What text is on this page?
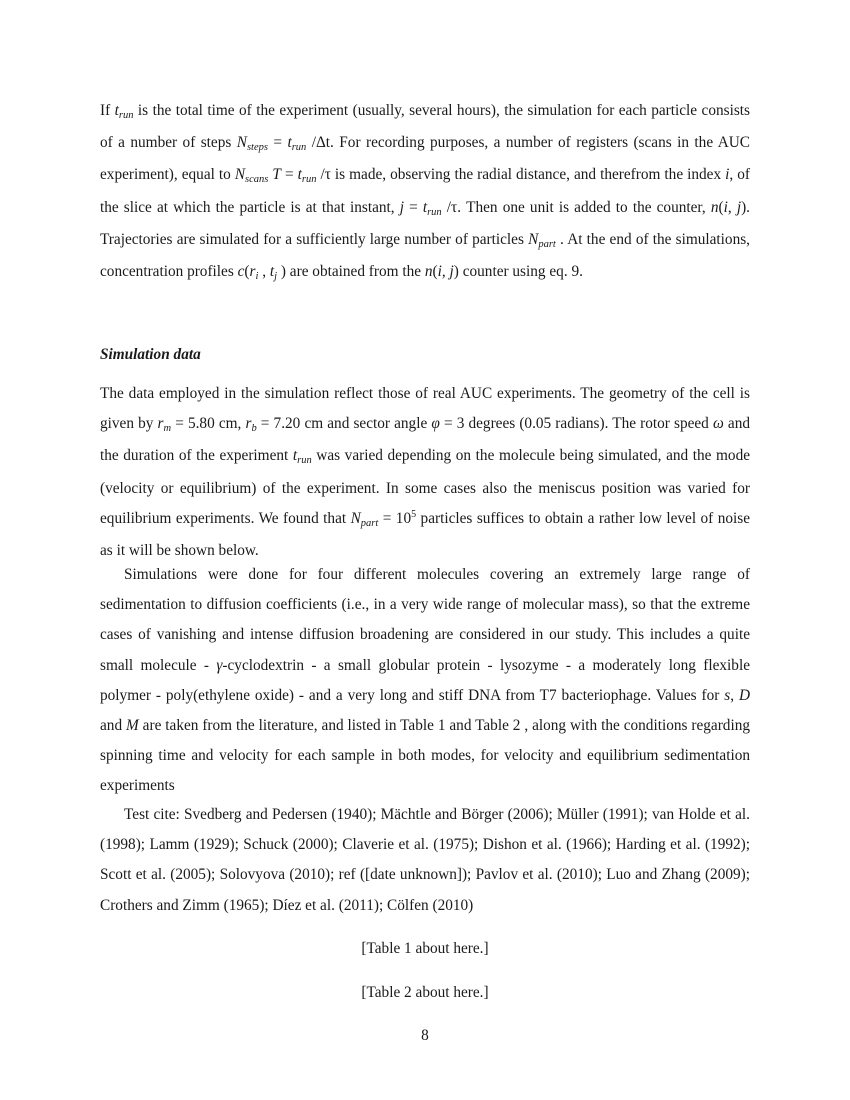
If trun is the total time of the experiment (usually, several hours), the simulation for each particle consists of a number of steps Nsteps = trun /Δt. For recording purposes, a number of registers (scans in the AUC experiment), equal to Nscans T = trun /τ is made, observing the radial distance, and therefrom the index i, of the slice at which the particle is at that instant, j = trun /τ. Then one unit is added to the counter, n(i, j). Trajectories are simulated for a sufficiently large number of particles Npart . At the end of the simulations, concentration profiles c(ri , tj ) are obtained from the n(i, j) counter using eq. 9.

Simulation data

The data employed in the simulation reflect those of real AUC experiments. The geometry of the cell is given by rm = 5.80 cm, rb = 7.20 cm and sector angle φ = 3 degrees (0.05 radians). The rotor speed ω and the duration of the experiment trun was varied depending on the molecule being simulated, and the mode (velocity or equilibrium) of the experiment. In some cases also the meniscus position was varied for equilibrium experiments. We found that Npart = $10^5$ particles suffices to obtain a rather low level of noise as it will be shown below.

Simulations were done for four different molecules covering an extremely large range of sedimentation to diffusion coefficients (i.e., in a very wide range of molecular mass), so that the extreme cases of vanishing and intense diffusion broadening are considered in our study. This includes a quite small molecule - γ-cyclodextrin - a small globular protein - lysozyme - a moderately long flexible polymer - poly(ethylene oxide) - and a very long and stiff DNA from T7 bacteriophage. Values for s, D and M are taken from the literature, and listed in Table 1 and Table 2 , along with the conditions regarding spinning time and velocity for each sample in both modes, for velocity and equilibrium sedimentation experiments

Test cite: Svedberg and Pedersen (1940); Mächtle and Börger (2006); Müller (1991); van Holde et al. (1998); Lamm (1929); Schuck (2000); Claverie et al. (1975); Dishon et al. (1966); Harding et al. (1992); Scott et al. (2005); Solovyova (2010); ref ([date unknown]); Pavlov et al. (2010); Luo and Zhang (2009); Crothers and Zimm (1965); Díez et al. (2011); Cölfen (2010)

[Table 1 about here.]

[Table 2 about here.]

8
